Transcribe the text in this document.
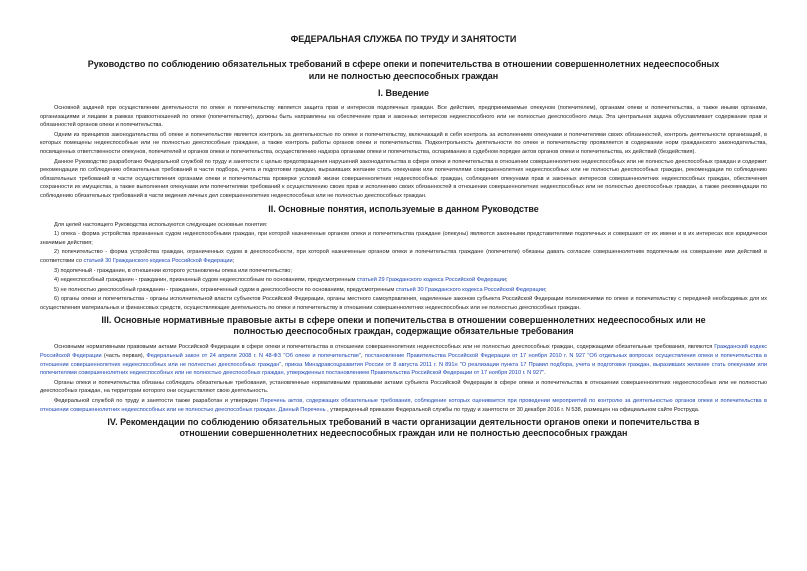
ФЕДЕРАЛЬНАЯ СЛУЖБА ПО ТРУДУ И ЗАНЯТОСТИ
Руководство по соблюдению обязательных требований в сфере опеки и попечительства в отношении совершеннолетних недееспособных или не полностью дееспособных граждан
I. Введение

Основной задачей при осуществлении деятельности по опеке и попечительству является защита прав и интересов подопечных граждан. Все действия, предпринимаемые опекуном (попечителем), органами опеки и попечительства, а также иными органами, организациями и лицами в рамках правоотношений по опеке (попечительству), должны быть направлены на обеспечение прав и законных интересов недееспособного или не полностью дееспособного лица. Эта центральная задача обуславливает содержание прав и обязанностей органов опеки и попечительства.

Одним из принципов законодательства об опеке и попечительстве является контроль за деятельностью по опеке и попечительству, включающий в себя контроль за исполнением опекунами и попечителями своих обязанностей, контроль деятельности организаций, в которых помещены недееспособные или не полностью дееспособные граждане, а также контроль работы органов опеки и попечительства. Подконтрольность деятельности по опеке и попечительству проявляется в содержании норм гражданского законодательства, посвященных ответственности опекунов, попечителей и органов опеки и попечительства, осуществлению надзора органами опеки и попечительства, оспариванию в судебном порядке актов органов опеки и попечительства, их действий (бездействия).

Данное Руководство разработано Федеральной службой по труду и занятости с целью предотвращения нарушений законодательства в сфере опеки и попечительства в отношении совершеннолетних недееспособных или не полностью дееспособных граждан и содержит рекомендации по соблюдению обязательных требований в части подбора, учета и подготовки граждан, выразивших желание стать опекунами или попечителями совершеннолетних недееспособных или не полностью дееспособных граждан, рекомендации по соблюдению обязательных требований в части осуществления органами опеки и попечительства проверки условий жизни совершеннолетних недееспособных граждан, соблюдения опекунами прав и законных интересов совершеннолетних недееспособных граждан, обеспечения сохранности их имущества, а также выполнения опекунами или попечителями требований к осуществлению своих прав и исполнению своих обязанностей в отношении совершеннолетних недееспособных или не полностью дееспособных граждан, а также рекомендации по соблюдению обязательных требований в части ведения личных дел совершеннолетних недееспособных или не полностью дееспособных граждан.

II. Основные понятия, используемые в данном Руководстве

Для целей настоящего Руководства используются следующие основные понятия:

1) опека - форма устройства признанных судом недееспособными граждан, при которой назначенные органом опеки и попечительства граждане (опекуны) являются законными представителями подопечных и совершают от их имени и в их интересах все юридически значимые действия;

2) попечительство - форма устройства граждан, ограниченных судом в дееспособности, при которой назначенные органом опеки и попечительства граждане (попечители) обязаны давать согласие совершеннолетним подопечным на совершение ими действий в соответствии со статьей 30 Гражданского кодекса Российской Федерации;

3) подопечный - гражданин, в отношении которого установлены опека или попечительство;

4) недееспособный гражданин - гражданин, признанный судом недееспособным по основаниям, предусмотренным статьей 29 Гражданского кодекса Российской Федерации;

5) не полностью дееспособный гражданин - гражданин, ограниченный судом в дееспособности по основаниям, предусмотренным статьей 30 Гражданского кодекса Российской Федерации;

6) органы опеки и попечительства - органы исполнительной власти субъектов Российской Федерации, органы местного самоуправления, наделенные законом субъекта Российской Федерации полномочиями по опеке и попечительству с передачей необходимых для их осуществления материальных и финансовых средств, осуществляющие деятельность по опеке и попечительству в отношении совершеннолетних недееспособных или не полностью дееспособных граждан.

III. Основные нормативные правовые акты в сфере опеки и попечительства в отношении совершеннолетних недееспособных или не полностью дееспособных граждан, содержащие обязательные требования

Основными нормативными правовыми актами Российской Федерации в сфере опеки и попечительства в отношении совершеннолетних недееспособных или не полностью дееспособных граждан, содержащими обязательные требования, являются Гражданский кодекс Российской Федерации (часть первая), Федеральный закон от 24 апреля 2008 г. N 48-ФЗ "Об опеке и попечительстве", постановление Правительства Российской Федерации от 17 ноября 2010 г. N 927 "Об отдельных вопросах осуществления опеки и попечительства в отношении совершеннолетних недееспособных или не полностью дееспособных граждан", приказ Минздравсоцразвития России от 8 августа 2011 г. N 891н "О реализации пункта 17 Правил подбора, учета и подготовки граждан, выразивших желание стать опекунами или попечителями совершеннолетних недееспособных или не полностью дееспособных граждан, утвержденных постановлением Правительства Российской Федерации от 17 ноября 2010 г. N 927".

Органы опеки и попечительства обязаны соблюдать обязательные требования, установленные нормативными правовыми актами субъекта Российской Федерации в сфере опеки и попечительства в отношении совершеннолетних недееспособных или не полностью дееспособных граждан, на территории которого они осуществляют свою деятельность.

Федеральной службой по труду и занятости также разработан и утвержден Перечень актов, содержащих обязательные требования, соблюдение которых оценивается при проведении мероприятий по контролю за деятельностью органов опеки и попечительства в отношении совершеннолетних недееспособных или не полностью дееспособных граждан. Данный Перечень , утвержденный приказом Федеральной службы по труду и занятости от 30 декабря 2016 г. N 538, размещен на официальном сайте Роструда.

IV. Рекомендации по соблюдению обязательных требований в части организации деятельности органов опеки и попечительства в отношении совершеннолетних недееспособных граждан или не полностью дееспособных граждан
